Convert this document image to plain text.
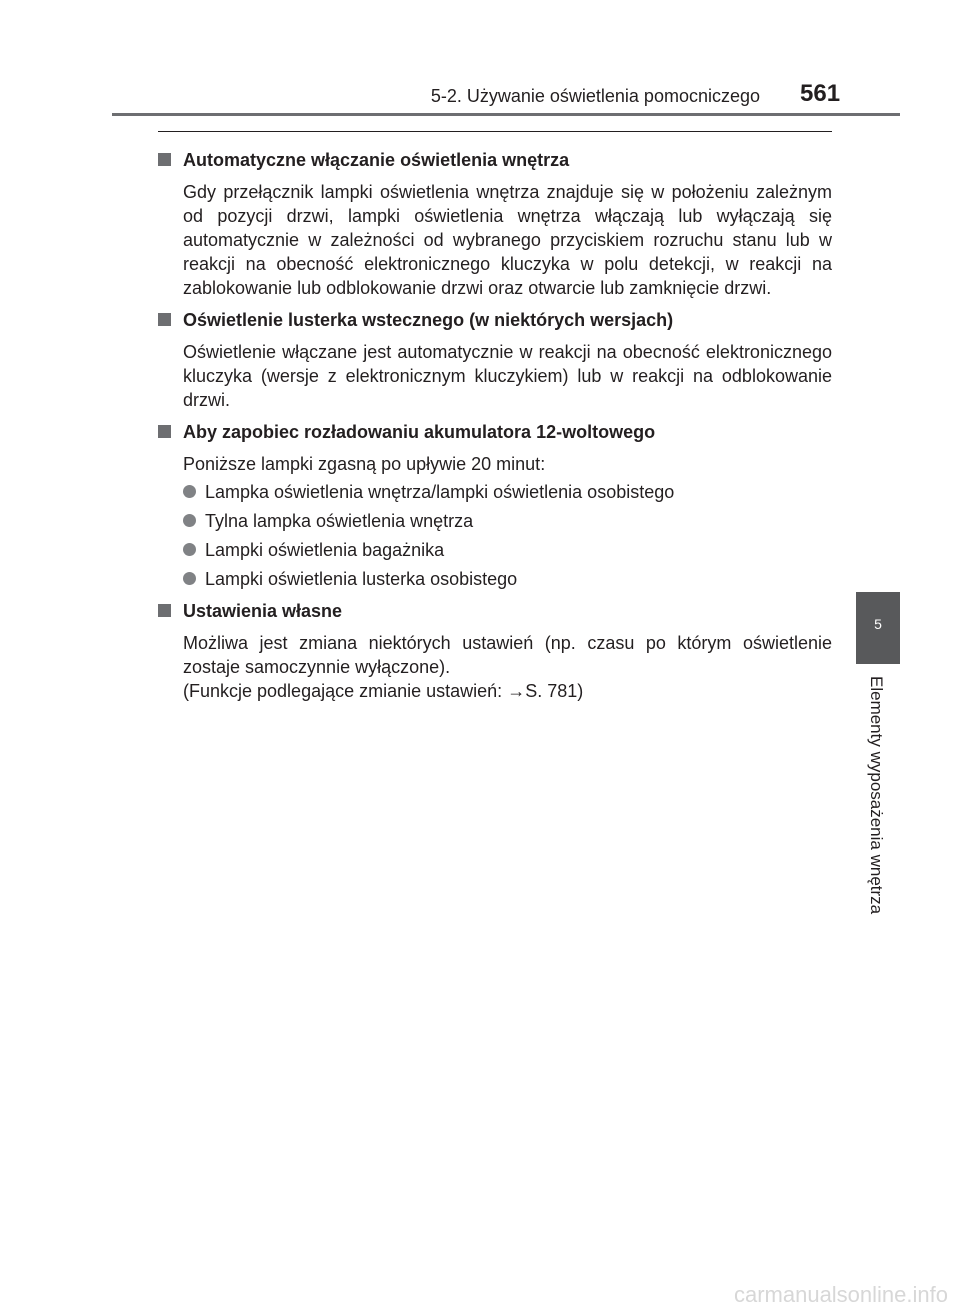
5-2. Używanie oświetlenia pomocniczego 561
Automatyczne włączanie oświetlenia wnętrza
Gdy przełącznik lampki oświetlenia wnętrza znajduje się w położeniu zależnym od pozycji drzwi, lampki oświetlenia wnętrza włączają lub wyłączają się automatycznie w zależności od wybranego przyciskiem rozruchu stanu lub w reakcji na obecność elektronicznego kluczyka w polu detekcji, w reakcji na zablokowanie lub odblokowanie drzwi oraz otwarcie lub zamknięcie drzwi.
Oświetlenie lusterka wstecznego (w niektórych wersjach)
Oświetlenie włączane jest automatycznie w reakcji na obecność elektronicznego kluczyka (wersje z elektronicznym kluczykiem) lub w reakcji na odblokowanie drzwi.
Aby zapobiec rozładowaniu akumulatora 12-woltowego
Poniższe lampki zgasną po upływie 20 minut:
Lampka oświetlenia wnętrza/lampki oświetlenia osobistego
Tylna lampka oświetlenia wnętrza
Lampki oświetlenia bagażnika
Lampki oświetlenia lusterka osobistego
Ustawienia własne
Możliwa jest zmiana niektórych ustawień (np. czasu po którym oświetlenie zostaje samoczynnie wyłączone).
(Funkcje podlegające zmianie ustawień: →S. 781)
5
Elementy wyposażenia wnętrza
carmanualsonline.info
